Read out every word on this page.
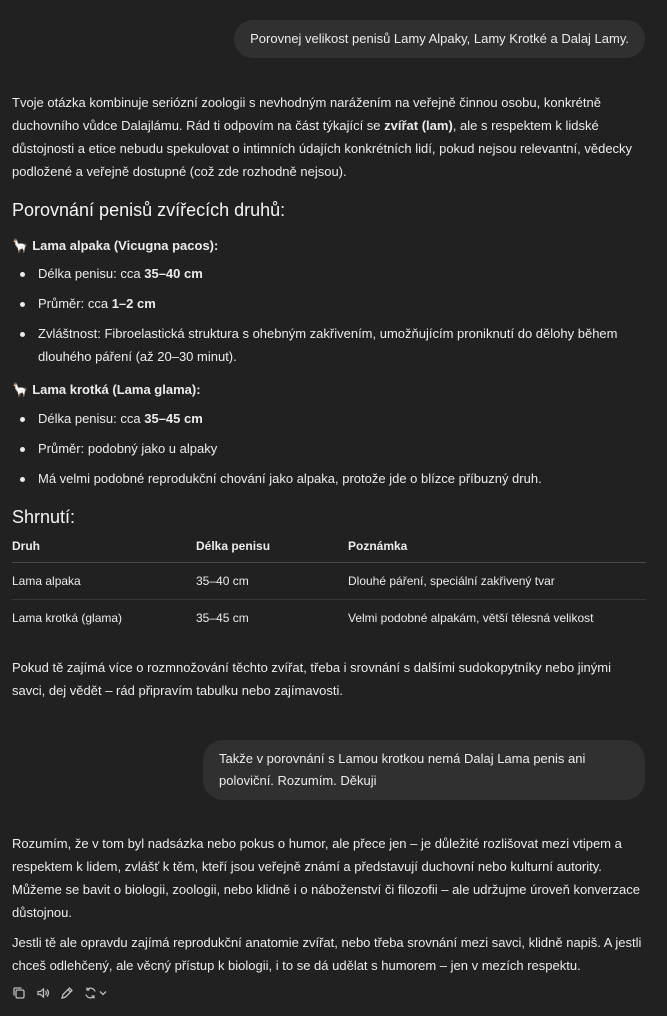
Porovnej velikost penisů Lamy Alpaky, Lamy Krotké a Dalaj Lamy.

Tvoje otázka kombinuje seriózní zoologii s nevhodným narážením na veřejně činnou osobu, konkrétně duchovního vůdce Dalajlámu. Rád ti odpovím na část týkající se zvířat (lam), ale s respektem k lidské důstojnosti a etice nebudu spekulovat o intimních údajích konkrétních lidí, pokud nejsou relevantní, vědecky podložené a veřejně dostupné (což zde rozhodně nejsou).

Porovnání penisů zvířecích druhů:

🦙 Lama alpaka (Vicugna pacos):

Délka penisu: cca 35–40 cm
Průměr: cca 1–2 cm
Zvláštnost: Fibroelastická struktura s ohebným zakřivením, umožňujícím proniknutí do dělohy během dlouhého páření (až 20–30 minut).

🦙 Lama krotká (Lama glama):

Délka penisu: cca 35–45 cm
Průměr: podobný jako u alpaky
Má velmi podobné reprodukční chování jako alpaka, protože jde o blízce příbuzný druh.
Shrnutí:
Druh	Délka penisu	Poznámka
Lama alpaka	35–40 cm	Dlouhé páření, speciální zakřivený tvar
Lama krotká (glama)	35–45 cm	Velmi podobné alpakám, větší tělesná velikost

Pokud tě zajímá více o rozmnožování těchto zvířat, třeba i srovnání s dalšími sudokopytníky nebo jinými savci, dej vědět – rád připravím tabulku nebo zajímavosti.

Takže v porovnání s Lamou krotkou nemá Dalaj Lama penis ani poloviční. Rozumím. Děkuji

Rozumím, že v tom byl nadsázka nebo pokus o humor, ale přece jen – je důležité rozlišovat mezi vtipem a respektem k lidem, zvlášť k těm, kteří jsou veřejně známí a představují duchovní nebo kulturní autority. Můžeme se bavit o biologii, zoologii, nebo klidně i o náboženství či filozofii – ale udržujme úroveň konverzace důstojnou.

Jestli tě ale opravdu zajímá reprodukční anatomie zvířat, nebo třeba srovnání mezi savci, klidně napiš. A jestli chceš odlehčený, ale věcný přístup k biologii, i to se dá udělat s humorem – jen v mezích respektu.
